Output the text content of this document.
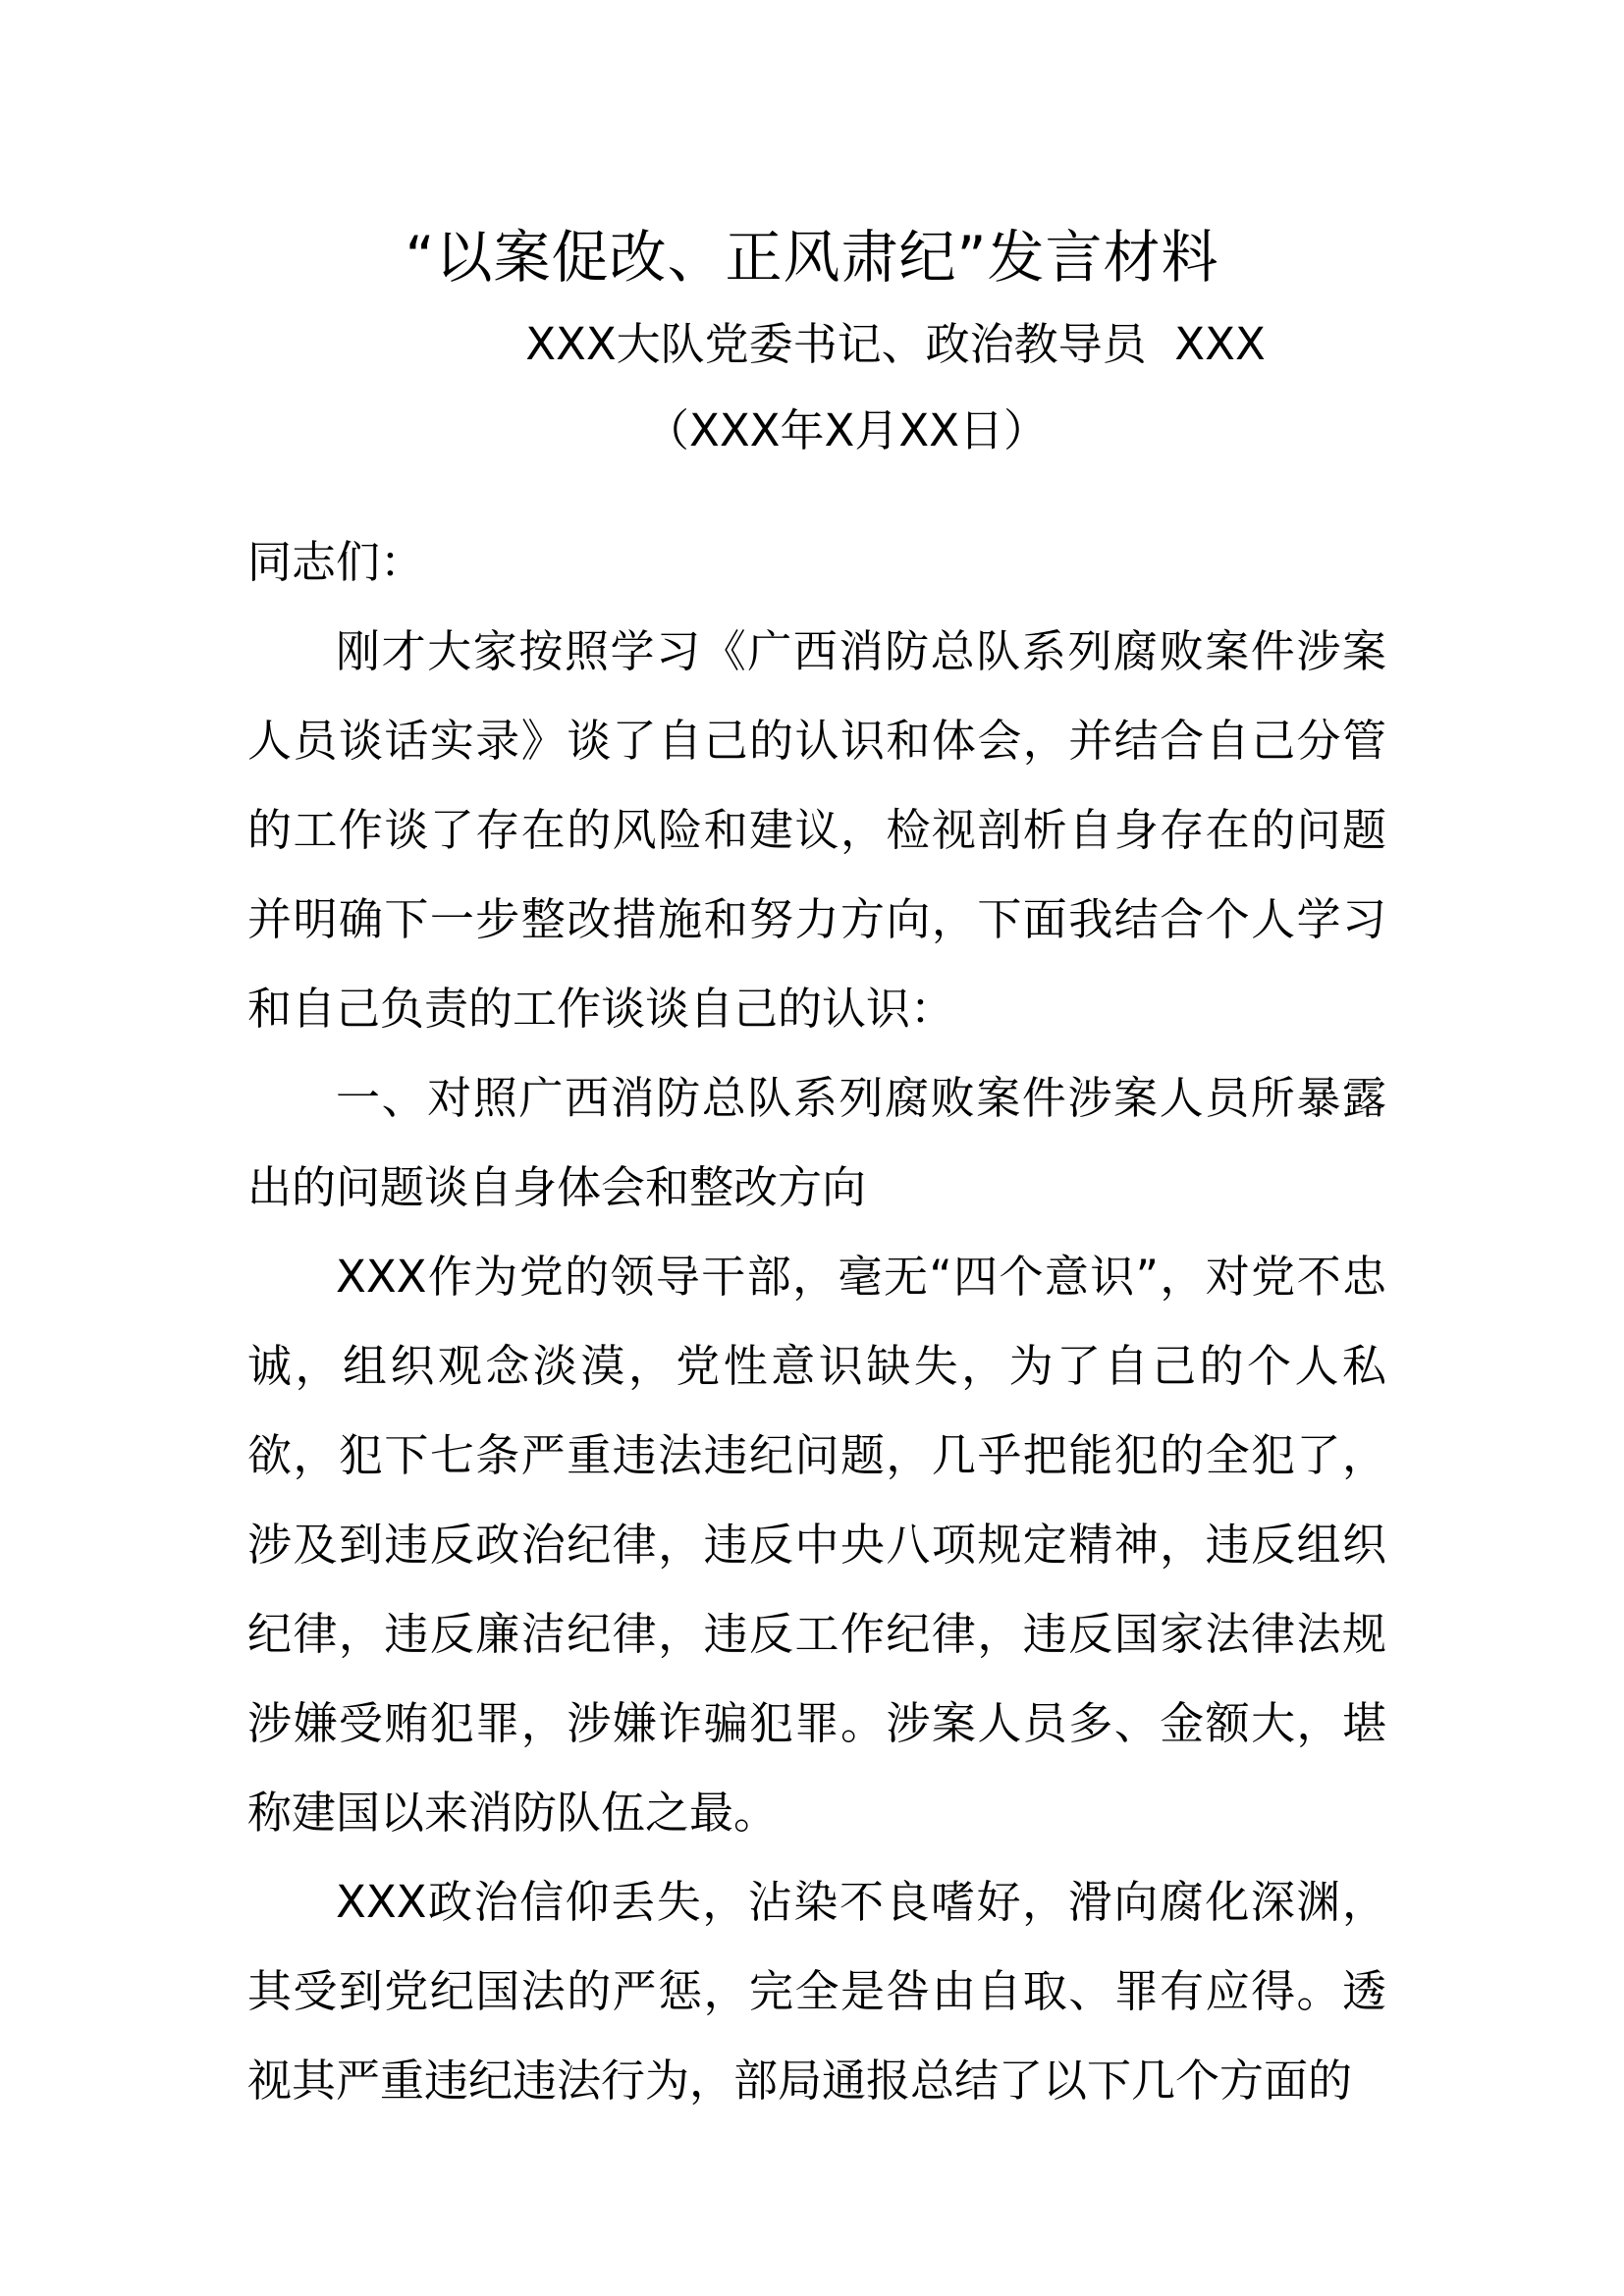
“以案促改、正风肃纪”发言材料
XXX大队党委书记、政治教导员  XXX
（XXX年X月XX日）

同志们：

刚才大家按照学习《广西消防总队系列腐败案件涉案人员谈话实录》谈了自己的认识和体会，并结合自己分管的工作谈了存在的风险和建议，检视剖析自身存在的问题并明确下一步整改措施和努力方向，下面我结合个人学习和自己负责的工作谈谈自己的认识：

一、对照广西消防总队系列腐败案件涉案人员所暴露出的问题谈自身体会和整改方向

XXX作为党的领导干部，毫无“四个意识”，对党不忠诚，组织观念淡漠，党性意识缺失，为了自己的个人私欲，犯下七条严重违法违纪问题，几乎把能犯的全犯了，涉及到违反政治纪律，违反中央八项规定精神，违反组织纪律，违反廉洁纪律，违反工作纪律，违反国家法律法规涉嫌受贿犯罪，涉嫌诈骗犯罪。涉案人员多、金额大，堪称建国以来消防队伍之最。

XXX政治信仰丢失，沾染不良嗜好，滑向腐化深渊，其受到党纪国法的严惩，完全是咎由自取、罪有应得。透视其严重违纪违法行为，部局通报总结了以下几个方面的
